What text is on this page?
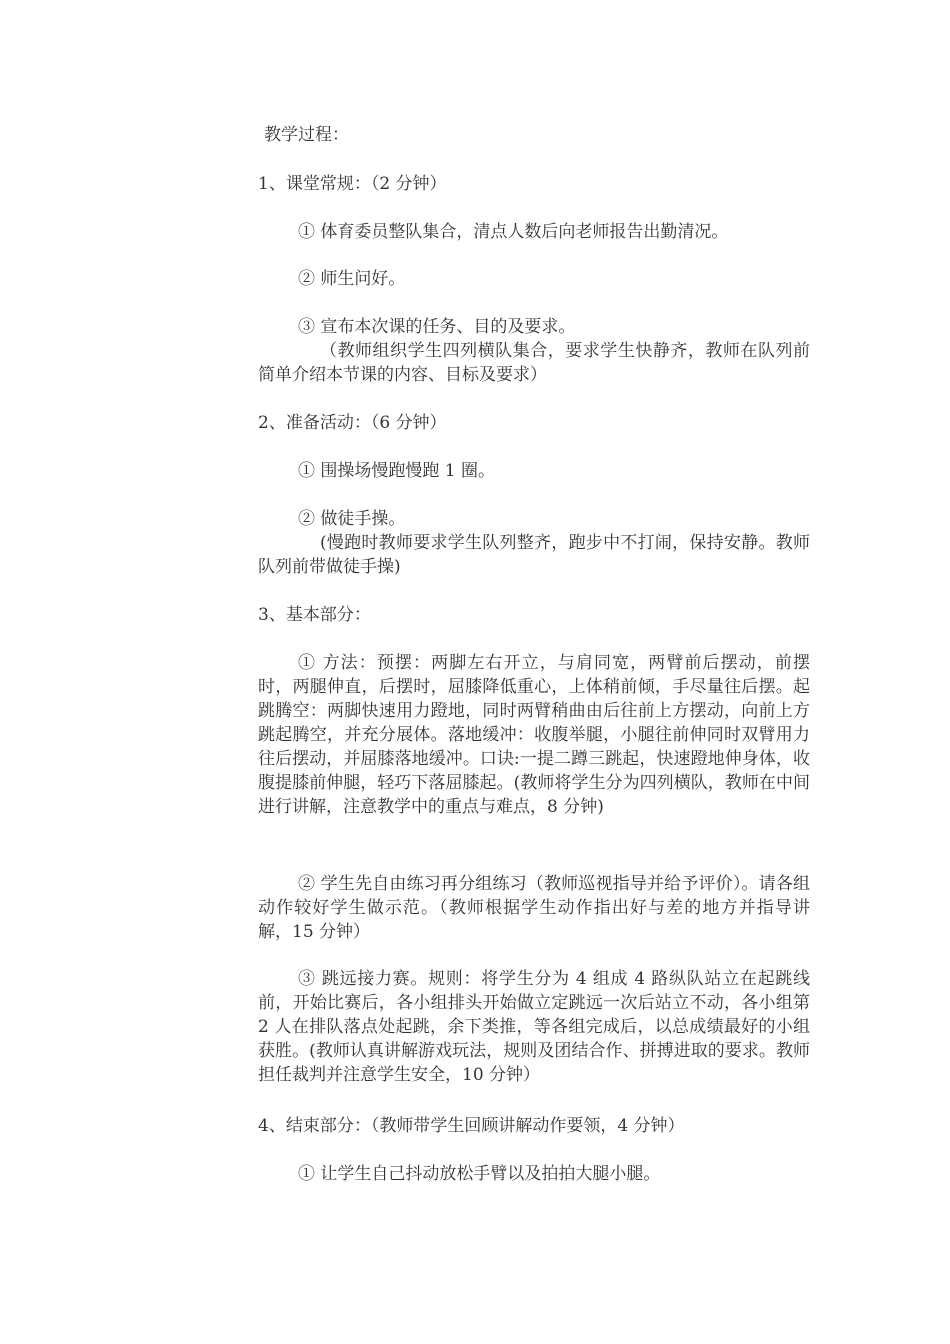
教学过程：
1、课堂常规：（2 分钟）
① 体育委员整队集合，清点人数后向老师报告出勤清况。
② 师生问好。
③ 宣布本次课的任务、目的及要求。
（教师组织学生四列横队集合，要求学生快静齐，教师在队列前简单介绍本节课的内容、目标及要求）
2、准备活动：（6 分钟）
① 围操场慢跑慢跑 1 圈。
② 做徒手操。
(慢跑时教师要求学生队列整齐，跑步中不打闹，保持安静。教师队列前带做徒手操)
3、基本部分：
① 方法：预摆：两脚左右开立，与肩同宽，两臂前后摆动，前摆时，两腿伸直，后摆时，屈膝降低重心，上体稍前倾，手尽量往后摆。起跳腾空：两脚快速用力蹬地，同时两臂稍曲由后往前上方摆动，向前上方跳起腾空，并充分展体。落地缓冲：收腹举腿，小腿往前伸同时双臂用力往后摆动，并屈膝落地缓冲。口诀:一提二蹲三跳起，快速蹬地伸身体，收腹提膝前伸腿，轻巧下落屈膝起。(教师将学生分为四列横队，教师在中间进行讲解，注意教学中的重点与难点，8 分钟)
② 学生先自由练习再分组练习（教师巡视指导并给予评价）。请各组动作较好学生做示范。（教师根据学生动作指出好与差的地方并指导讲解，15 分钟）
③ 跳远接力赛。规则：将学生分为 4 组成 4 路纵队站立在起跳线前，开始比赛后，各小组排头开始做立定跳远一次后站立不动，各小组第 2 人在排队落点处起跳，余下类推，等各组完成后，以总成绩最好的小组获胜。(教师认真讲解游戏玩法，规则及团结合作、拼搏进取的要求。教师担任裁判并注意学生安全，10 分钟）
4、结束部分：（教师带学生回顾讲解动作要领，4 分钟）
① 让学生自己抖动放松手臂以及拍拍大腿小腿。
